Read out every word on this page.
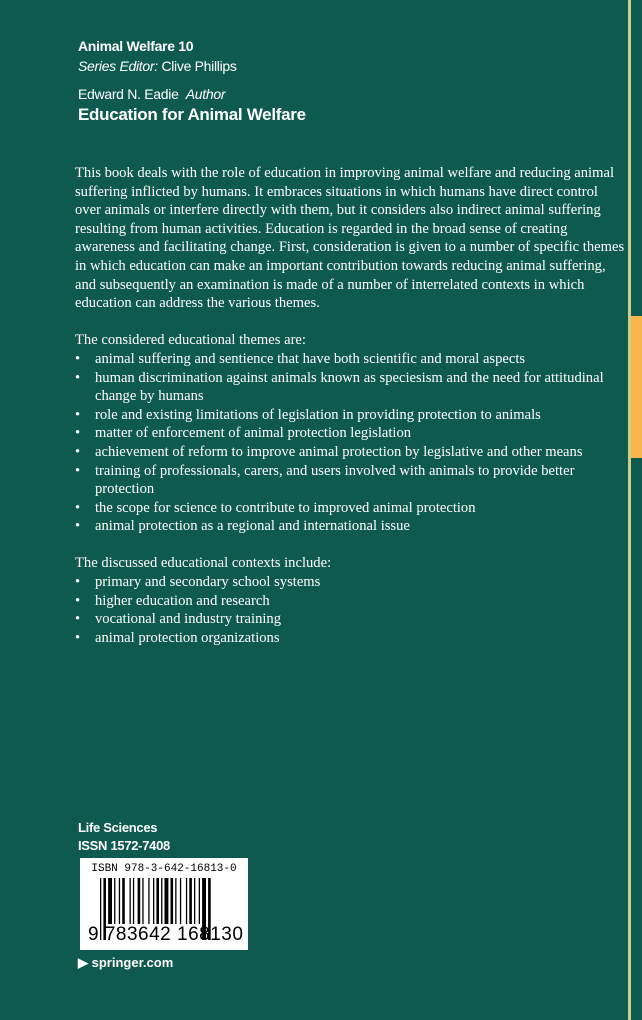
Animal Welfare 10
Series Editor: Clive Phillips
Edward N. Eadie Author
Education for Animal Welfare

This book deals with the role of education in improving animal welfare and reducing animal suffering inflicted by humans. It embraces situations in which humans have direct control over animals or interfere directly with them, but it considers also indirect animal suffering resulting from human activities. Education is regarded in the broad sense of creating awareness and facilitating change. First, consideration is given to a number of specific themes in which education can make an important contribution towards reducing animal suffering, and subsequently an examination is made of a number of interrelated contexts in which education can address the various themes.

The considered educational themes are:
• animal suffering and sentience that have both scientific and moral aspects
• human discrimination against animals known as speciesism and the need for attitudinal change by humans
• role and existing limitations of legislation in providing protection to animals
• matter of enforcement of animal protection legislation
• achievement of reform to improve animal protection by legislative and other means
• training of professionals, carers, and users involved with animals to provide better protection
• the scope for science to contribute to improved animal protection
• animal protection as a regional and international issue
The discussed educational contexts include:
• primary and secondary school systems
• higher education and research
• vocational and industry training
• animal protection organizations
Life Sciences
ISSN 1572-7408
ISBN 978-3-642-16813-0
9 783642 168130
▶ springer.com
